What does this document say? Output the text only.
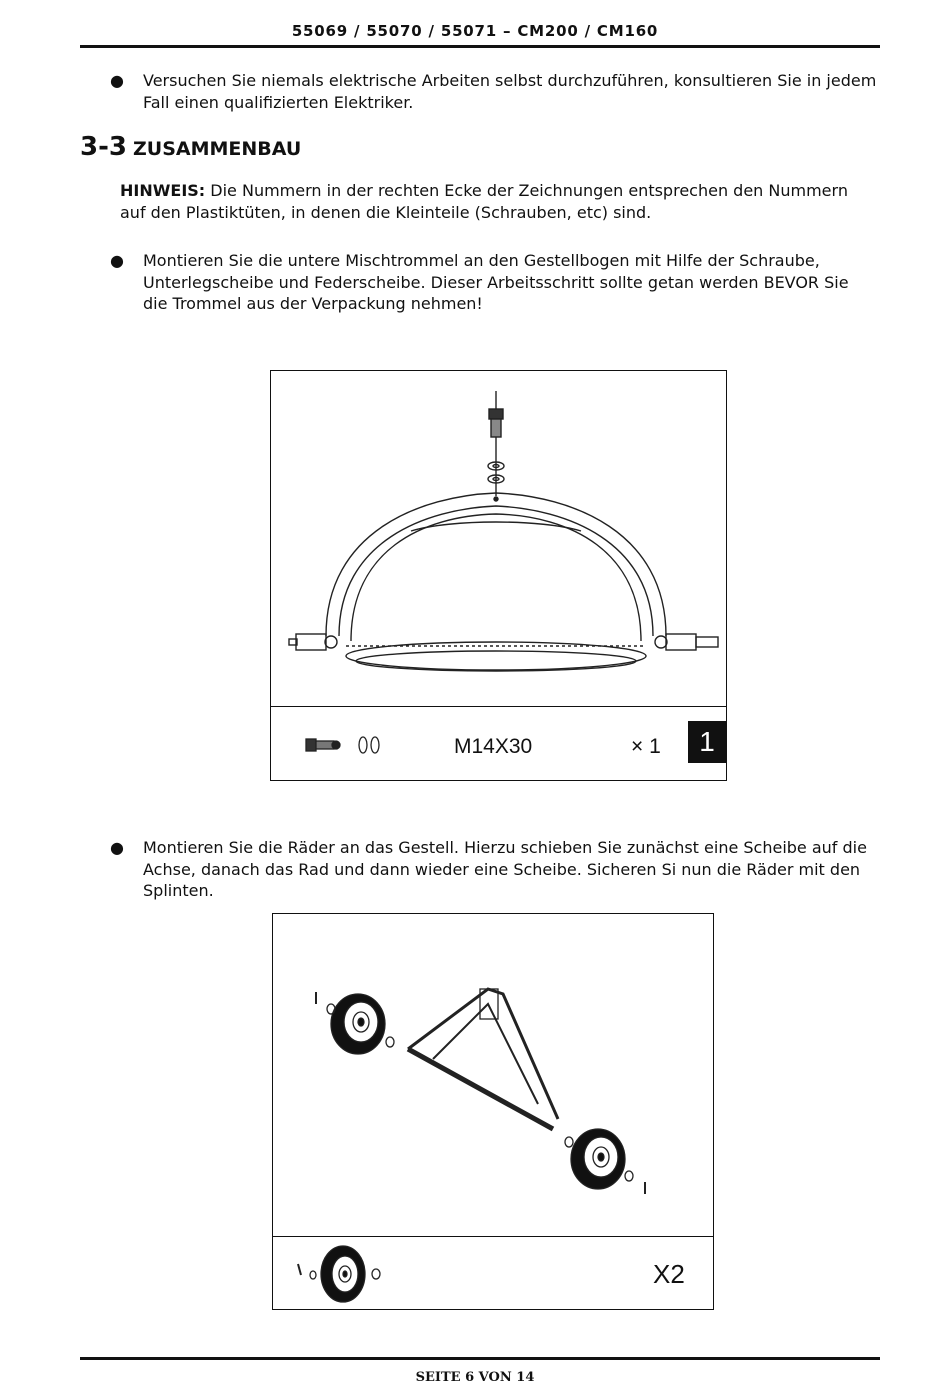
55069 / 55070 / 55071 – CM200 / CM160
● Versuchen Sie niemals elektrische Arbeiten selbst durchzuführen, konsultieren Sie in jedem Fall einen qualifizierten Elektriker.
3-3 ZUSAMMENBAU
HINWEIS: Die Nummern in der rechten Ecke der Zeichnungen entsprechen den Nummern auf den Plastiktüten, in denen die Kleinteile (Schrauben, etc) sind.
● Montieren Sie die untere Mischtrommel an den Gestellbogen mit Hilfe der Schraube, Unterlegscheibe und Federscheibe. Dieser Arbeitsschritt sollte getan werden BEVOR Sie die Trommel aus der Verpackung nehmen!
M14X30	× 1	1
● Montieren Sie die Räder an das Gestell. Hierzu schieben Sie zunächst eine Scheibe auf die Achse, danach das Rad und dann wieder eine Scheibe. Sicheren Si nun die Räder mit den Splinten.
X2
SEITE 6 VON 14
